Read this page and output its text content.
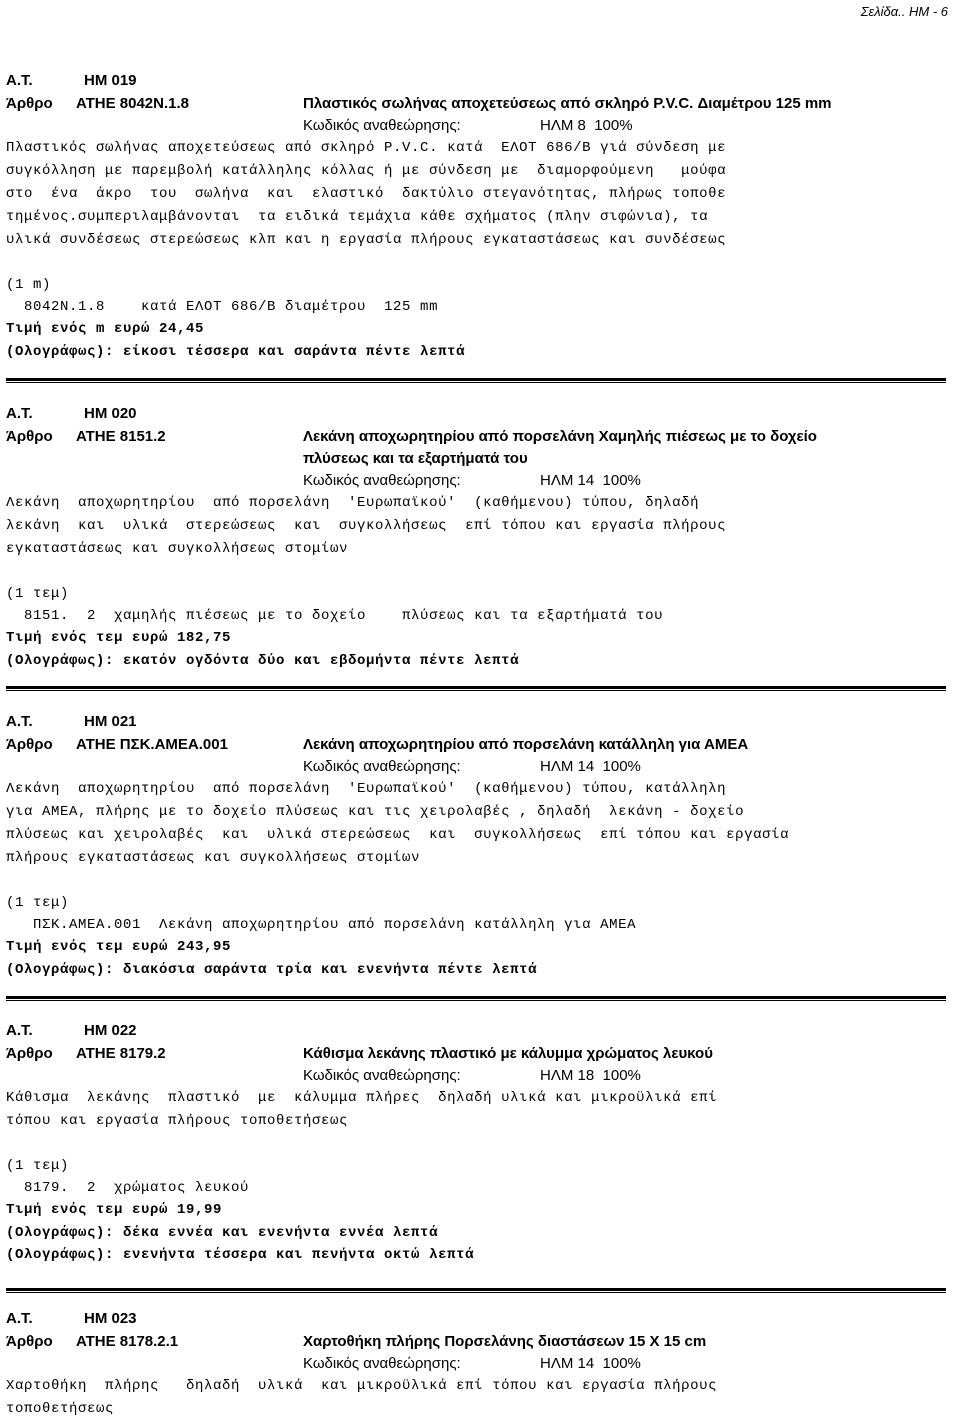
Σελίδα.. ΗΜ - 6
Α.Τ.	ΗΜ 019
Άρθρο ΑΤΗΕ 8042Ν.1.8	Πλαστικός σωλήνας αποχετεύσεως από σκληρό P.V.C. Διαμέτρου 125 mm
Κωδικός αναθεώρησης:	ΗΛΜ 8  100%
Πλαστικός σωλήνας αποχετεύσεως από σκληρό P.V.C. κατά  ΕΛΟΤ 686/Β γιά σύνδεση με
συγκόλληση με παρεμβολή κατάλληλης κόλλας ή με σύνδεση με  διαμορφούμενη   μούφα
στο  ένα  άκρο  του  σωλήνα  και  ελαστικό  δακτύλιο στεγανότητας, πλήρως τοποθε
τημένος.συμπεριλαμβάνονται  τα ειδικά τεμάχια κάθε σχήματος (πλην σιφώνια), τα
υλικά συνδέσεως στερεώσεως κλπ και η εργασία πλήρους εγκαταστάσεως και συνδέσεως
(1 m)
8042Ν.1.8    κατά ΕΛΟΤ 686/Β διαμέτρου  125 mm
Τιμή ενός m ευρώ 24,45
(Ολογράφως): είκοσι τέσσερα και σαράντα πέντε λεπτά
Α.Τ.	ΗΜ 020
Άρθρο ΑΤΗΕ 8151.2	Λεκάνη αποχωρητηρίου από πορσελάνη Χαμηλής πιέσεως με το δοχείο
πλύσεως και τα εξαρτήματά του
Κωδικός αναθεώρησης:	ΗΛΜ 14  100%
Λεκάνη  αποχωρητηρίου  από πορσελάνη  'Ευρωπαϊκού'  (καθήμενου) τύπου, δηλαδή
λεκάνη  και  υλικά  στερεώσεως  και  συγκολλήσεως  επί τόπου και εργασία πλήρους
εγκαταστάσεως και συγκολλήσεως στομίων
(1 τεμ)
8151.  2  χαμηλής πιέσεως με το δοχείο    πλύσεως και τα εξαρτήματά του
Τιμή ενός τεμ ευρώ 182,75
(Ολογράφως): εκατόν ογδόντα δύο και εβδομήντα πέντε λεπτά
Α.Τ.	ΗΜ 021
Άρθρο ΑΤΗΕ ΠΣΚ.ΑΜΕΑ.001	Λεκάνη αποχωρητηρίου από πορσελάνη κατάλληλη για ΑΜΕΑ
Κωδικός αναθεώρησης:	ΗΛΜ 14  100%
Λεκάνη  αποχωρητηρίου  από πορσελάνη  'Ευρωπαϊκού'  (καθήμενου) τύπου, κατάλληλη
για ΑΜΕΑ, πλήρης με το δοχείο πλύσεως και τις χειρολαβές , δηλαδή  λεκάνη - δοχείο
πλύσεως και χειρολαβές  και  υλικά στερεώσεως  και  συγκολλήσεως  επί τόπου και εργασία
πλήρους εγκαταστάσεως και συγκολλήσεως στομίων
(1 τεμ)
ΠΣΚ.ΑΜΕΑ.001  Λεκάνη αποχωρητηρίου από πορσελάνη κατάλληλη για ΑΜΕΑ
Τιμή ενός τεμ ευρώ 243,95
(Ολογράφως): διακόσια σαράντα τρία και ενενήντα πέντε λεπτά
Α.Τ.	ΗΜ 022
Άρθρο ΑΤΗΕ 8179.2	Κάθισμα λεκάνης πλαστικό με κάλυμμα χρώματος λευκού
Κωδικός αναθεώρησης:	ΗΛΜ 18  100%
Κάθισμα  λεκάνης  πλαστικό  με  κάλυμμα πλήρες  δηλαδή υλικά και μικροϋλικά επί
τόπου και εργασία πλήρους τοποθετήσεως
(1 τεμ)
8179.  2  χρώματος λευκού
Τιμή ενός τεμ ευρώ 19,99
(Ολογράφως): δέκα εννέα και ενενήντα εννέα λεπτά
(Ολογράφως): ενενήντα τέσσερα και πενήντα οκτώ λεπτά
Α.Τ.	ΗΜ 023
Άρθρο ΑΤΗΕ 8178.2.1	Χαρτοθήκη πλήρης Πορσελάνης διαστάσεων 15 Χ 15 cm
Κωδικός αναθεώρησης:	ΗΛΜ 14  100%
Χαρτοθήκη  πλήρης   δηλαδή  υλικά  και μικροϋλικά επί τόπου και εργασία πλήρους
τοποθετήσεως
